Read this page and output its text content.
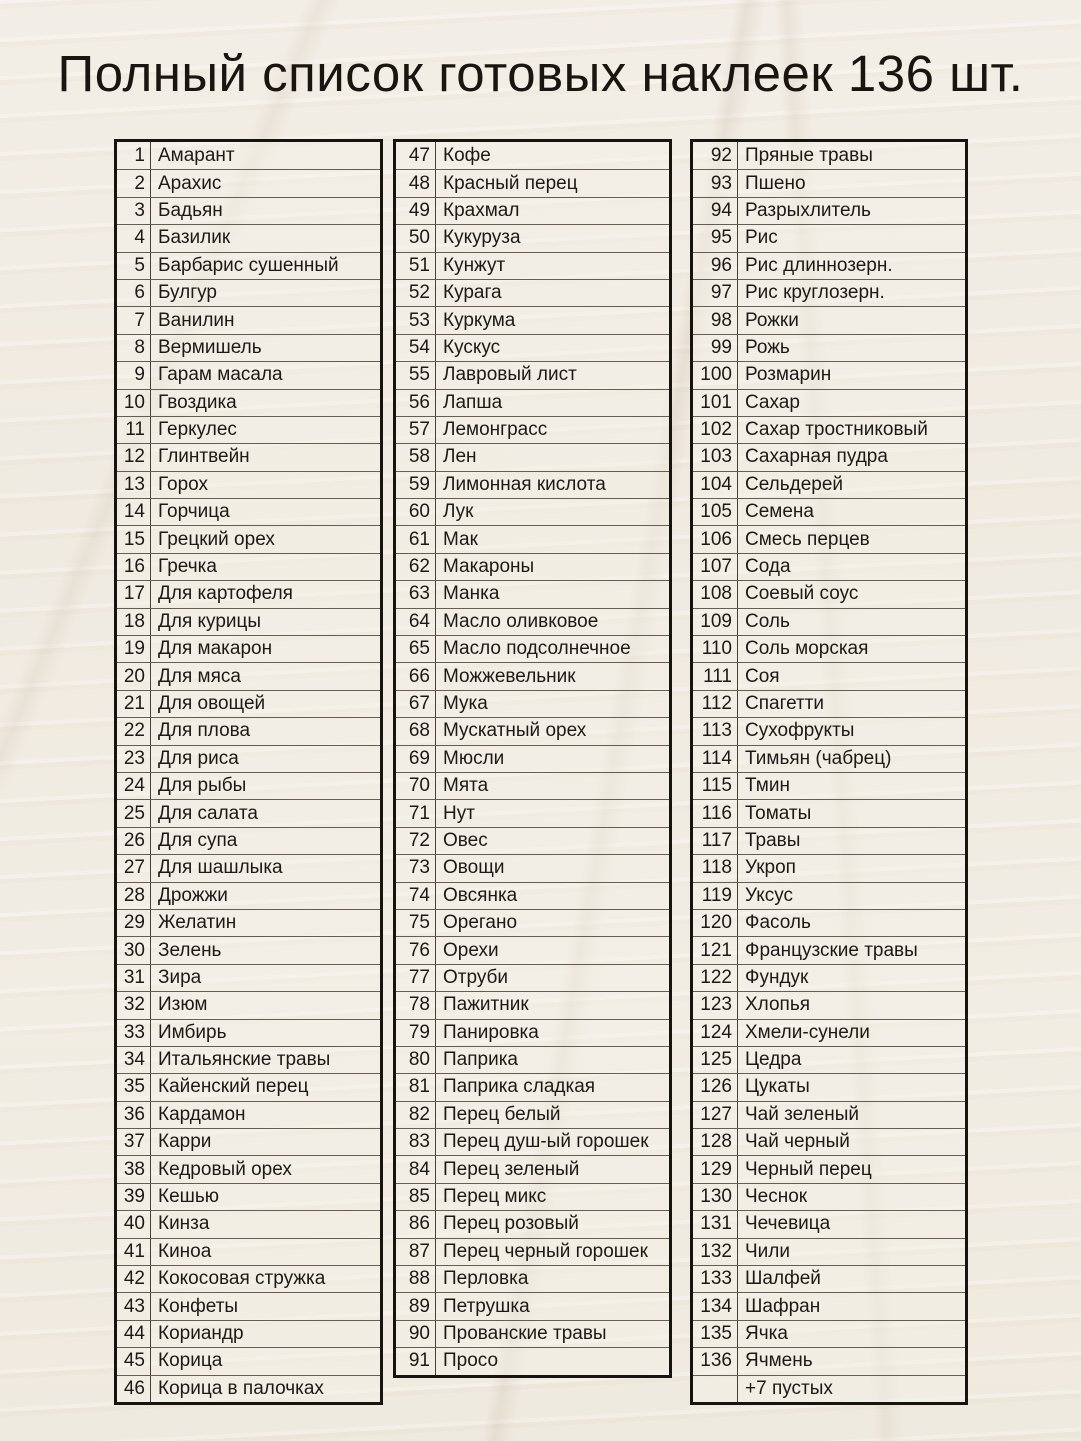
Полный список готовых наклеек 136 шт.
1 Амарант
2 Арахис
3 Бадьян
4 Базилик
5 Барбарис сушенный
6 Булгур
7 Ванилин
8 Вермишель
9 Гарам масала
10 Гвоздика
11 Геркулес
12 Глинтвейн
13 Горох
14 Горчица
15 Грецкий орех
16 Гречка
17 Для картофеля
18 Для курицы
19 Для макарон
20 Для мяса
21 Для овощей
22 Для плова
23 Для риса
24 Для рыбы
25 Для салата
26 Для супа
27 Для шашлыка
28 Дрожжи
29 Желатин
30 Зелень
31 Зира
32 Изюм
33 Имбирь
34 Итальянские травы
35 Кайенский перец
36 Кардамон
37 Карри
38 Кедровый орех
39 Кешью
40 Кинза
41 Киноа
42 Кокосовая стружка
43 Конфеты
44 Кориандр
45 Корица
46 Корица в палочках
47 Кофе
48 Красный перец
49 Крахмал
50 Кукуруза
51 Кунжут
52 Курага
53 Куркума
54 Кускус
55 Лавровый лист
56 Лапша
57 Лемонграсс
58 Лен
59 Лимонная кислота
60 Лук
61 Мак
62 Макароны
63 Манка
64 Масло оливковое
65 Масло подсолнечное
66 Можжевельник
67 Мука
68 Мускатный орех
69 Мюсли
70 Мята
71 Нут
72 Овес
73 Овощи
74 Овсянка
75 Орегано
76 Орехи
77 Отруби
78 Пажитник
79 Панировка
80 Паприка
81 Паприка сладкая
82 Перец белый
83 Перец душ-ый горошек
84 Перец зеленый
85 Перец микс
86 Перец розовый
87 Перец черный горошек
88 Перловка
89 Петрушка
90 Прованские травы
91 Просо
92 Пряные травы
93 Пшено
94 Разрыхлитель
95 Рис
96 Рис длиннозерн.
97 Рис круглозерн.
98 Рожки
99 Рожь
100 Розмарин
101 Сахар
102 Сахар тростниковый
103 Сахарная пудра
104 Сельдерей
105 Семена
106 Смесь перцев
107 Сода
108 Соевый соус
109 Соль
110 Соль морская
111 Соя
112 Спагетти
113 Сухофрукты
114 Тимьян (чабрец)
115 Тмин
116 Томаты
117 Травы
118 Укроп
119 Уксус
120 Фасоль
121 Французские травы
122 Фундук
123 Хлопья
124 Хмели-сунели
125 Цедра
126 Цукаты
127 Чай зеленый
128 Чай черный
129 Черный перец
130 Чеснок
131 Чечевица
132 Чили
133 Шалфей
134 Шафран
135 Ячка
136 Ячмень
+7 пустых
